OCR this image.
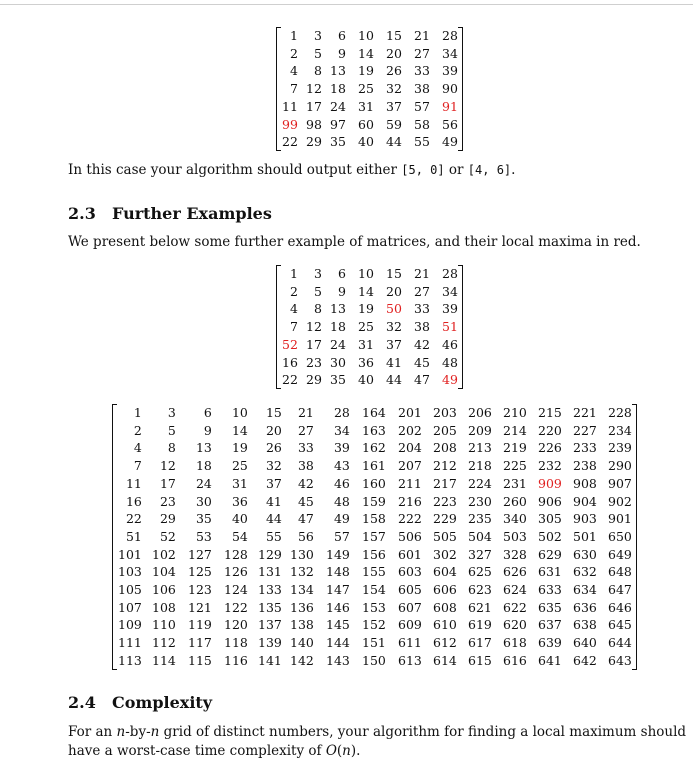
1	3	6	10	15	21	28
2	5	9	14	20	27	34
4	8	13	19	26	33	39
7	12	18	25	32	38	90
11	17	24	31	37	57	91
99	98	97	60	59	58	56
22	29	35	40	44	55	49
In this case your algorithm should output either [5, 0] or [4, 6].
2.3 Further Examples
We present below some further example of matrices, and their local maxima in red.
1	3	6	10	15	21	28
2	5	9	14	20	27	34
4	8	13	19	50	33	39
7	12	18	25	32	38	51
52	17	24	31	37	42	46
16	23	30	36	41	45	48
22	29	35	40	44	47	49
1	3	6	10	15	21	28	164	201	203	206	210	215	221	228
2	5	9	14	20	27	34	163	202	205	209	214	220	227	234
4	8	13	19	26	33	39	162	204	208	213	219	226	233	239
7	12	18	25	32	38	43	161	207	212	218	225	232	238	290
11	17	24	31	37	42	46	160	211	217	224	231	909	908	907
16	23	30	36	41	45	48	159	216	223	230	260	906	904	902
22	29	35	40	44	47	49	158	222	229	235	340	305	903	901
51	52	53	54	55	56	57	157	506	505	504	503	502	501	650
101	102	127	128	129	130	149	156	601	302	327	328	629	630	649
103	104	125	126	131	132	148	155	603	604	625	626	631	632	648
105	106	123	124	133	134	147	154	605	606	623	624	633	634	647
107	108	121	122	135	136	146	153	607	608	621	622	635	636	646
109	110	119	120	137	138	145	152	609	610	619	620	637	638	645
111	112	117	118	139	140	144	151	611	612	617	618	639	640	644
113	114	115	116	141	142	143	150	613	614	615	616	641	642	643
2.4 Complexity
For an n-by-n grid of distinct numbers, your algorithm for finding a local maximum should
have a worst-case time complexity of O(n).
